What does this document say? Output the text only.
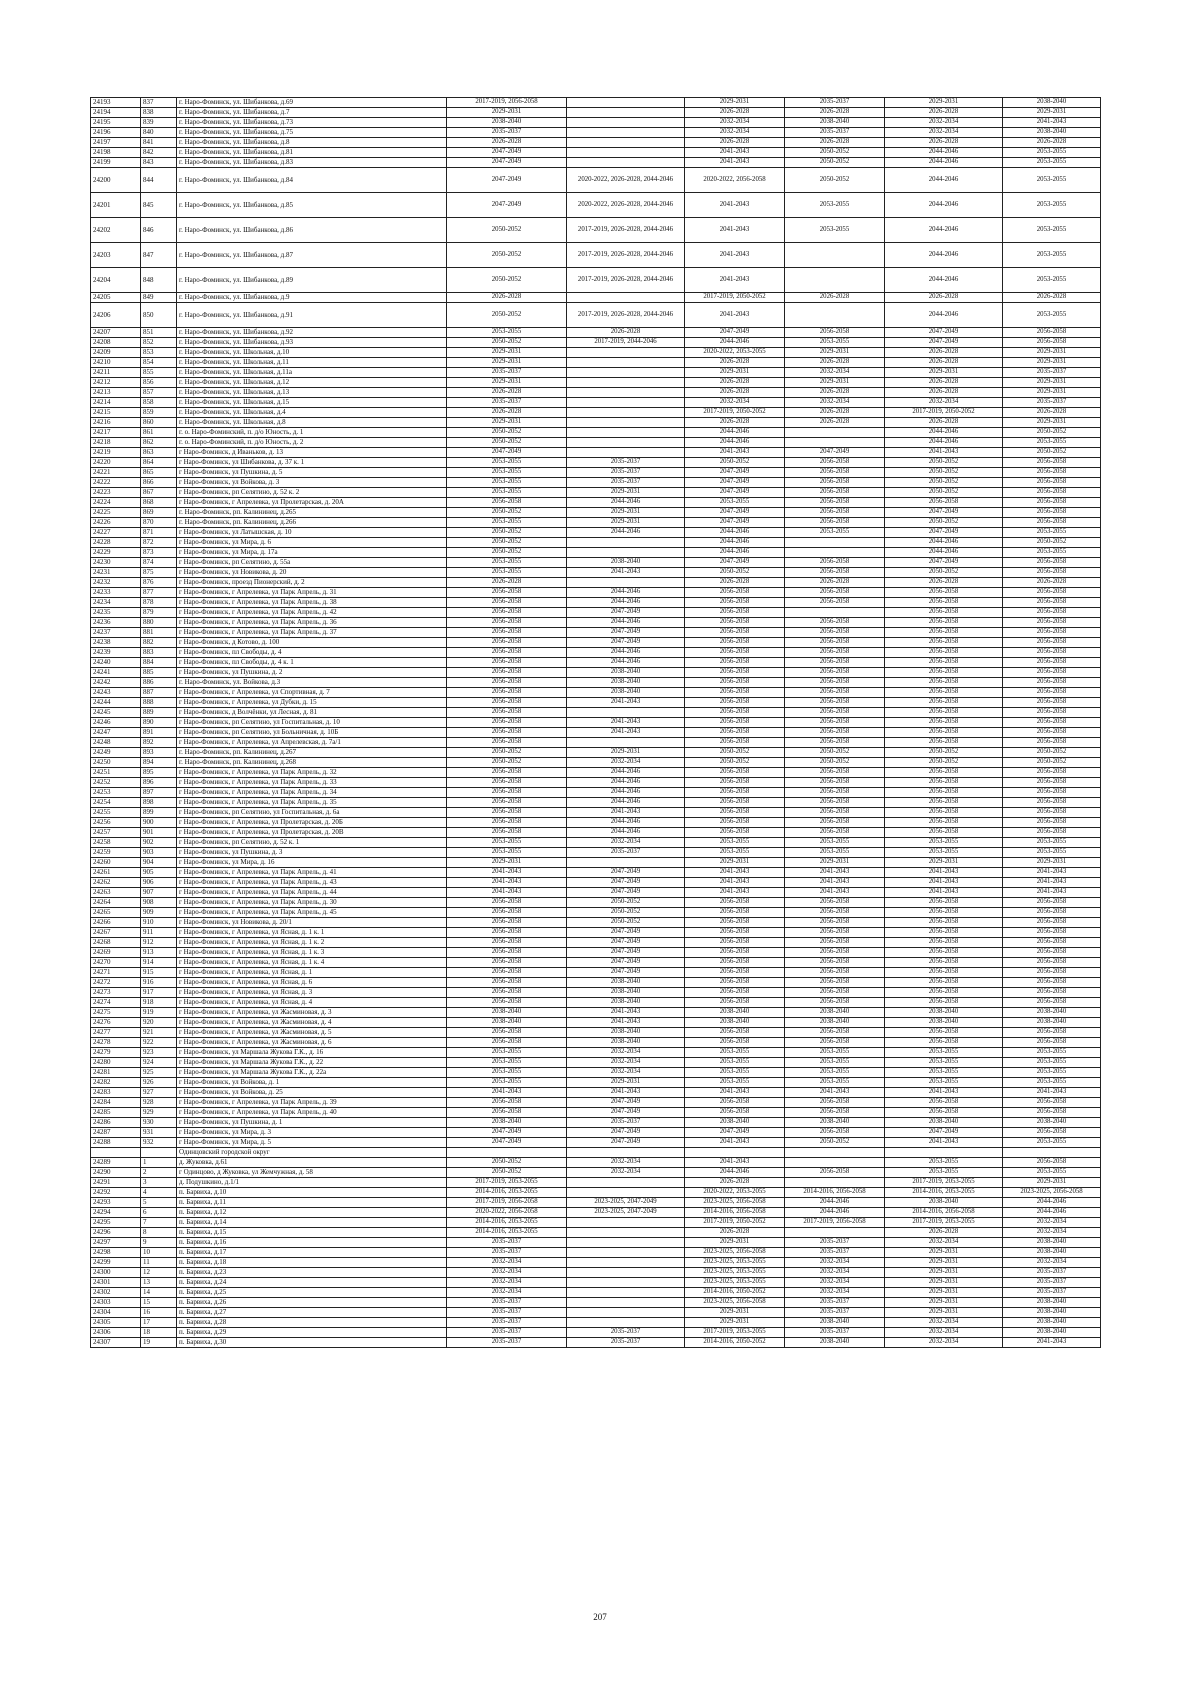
24193	837	г. Наро-Фоминск, ул. Шибанкова, д.69	2017-2019, 2056-2058		2029-2031	2035-2037	2029-2031	2038-2040
24194	838	г. Наро-Фоминск, ул. Шибанкова, д.7	2029-2031		2026-2028	2026-2028	2026-2028	2029-2031
24195	839	г. Наро-Фоминск, ул. Шибанкова, д.73	2038-2040		2032-2034	2038-2040	2032-2034	2041-2043
24196	840	г. Наро-Фоминск, ул. Шибанкова, д.75	2035-2037		2032-2034	2035-2037	2032-2034	2038-2040
24197	841	г. Наро-Фоминск, ул. Шибанкова, д.8	2026-2028		2026-2028	2026-2028	2026-2028	2026-2028
24198	842	г. Наро-Фоминск, ул. Шибанкова, д.81	2047-2049		2041-2043	2050-2052	2044-2046	2053-2055
24199	843	г. Наро-Фоминск, ул. Шибанкова, д.83	2047-2049		2041-2043	2050-2052	2044-2046	2053-2055
24200	844	г. Наро-Фоминск, ул. Шибанкова, д.84	2047-2049	2020-2022, 2026-2028, 2044-2046	2020-2022, 2056-2058	2050-2052	2044-2046	2053-2055
24201	845	г. Наро-Фоминск, ул. Шибанкова, д.85	2047-2049	2020-2022, 2026-2028, 2044-2046	2041-2043	2053-2055	2044-2046	2053-2055
24202	846	г. Наро-Фоминск, ул. Шибанкова, д.86	2050-2052	2017-2019, 2026-2028, 2044-2046	2041-2043	2053-2055	2044-2046	2053-2055
24203	847	г. Наро-Фоминск, ул. Шибанкова, д.87	2050-2052	2017-2019, 2026-2028, 2044-2046	2041-2043		2044-2046	2053-2055
24204	848	г. Наро-Фоминск, ул. Шибанкова, д.89	2050-2052	2017-2019, 2026-2028, 2044-2046	2041-2043		2044-2046	2053-2055
24205	849	г. Наро-Фоминск, ул. Шибанкова, д.9	2026-2028		2017-2019, 2050-2052	2026-2028	2026-2028	2026-2028
24206	850	г. Наро-Фоминск, ул. Шибанкова, д.91	2050-2052	2017-2019, 2026-2028, 2044-2046	2041-2043		2044-2046	2053-2055
24207	851	г. Наро-Фоминск, ул. Шибанкова, д.92	2053-2055	2026-2028	2047-2049	2056-2058	2047-2049	2056-2058
24208	852	г. Наро-Фоминск, ул. Шибанкова, д.93	2050-2052	2017-2019, 2044-2046	2044-2046	2053-2055	2047-2049	2056-2058
24209	853	г. Наро-Фоминск, ул. Школьная, д.10	2029-2031		2020-2022, 2053-2055	2029-2031	2026-2028	2029-2031
24210	854	г. Наро-Фоминск, ул. Школьная, д.11	2029-2031		2026-2028	2026-2028	2026-2028	2029-2031
24211	855	г. Наро-Фоминск, ул. Школьная, д.11а	2035-2037		2029-2031	2032-2034	2029-2031	2035-2037
24212	856	г. Наро-Фоминск, ул. Школьная, д.12	2029-2031		2026-2028	2029-2031	2026-2028	2029-2031
24213	857	г. Наро-Фоминск, ул. Школьная, д.13	2026-2028		2026-2028	2026-2028	2026-2028	2029-2031
24214	858	г. Наро-Фоминск, ул. Школьная, д.15	2035-2037		2032-2034	2032-2034	2032-2034	2035-2037
24215	859	г. Наро-Фоминск, ул. Школьная, д.4	2026-2028		2017-2019, 2050-2052	2026-2028	2017-2019, 2050-2052	2026-2028
24216	860	г. Наро-Фоминск, ул. Школьная, д.8	2029-2031		2026-2028	2026-2028	2026-2028	2029-2031
24217	861	г. о. Наро-Фоминский, п. д/о Юность, д. 1	2050-2052		2044-2046		2044-2046	2050-2052
24218	862	г. о. Наро-Фоминский, п. д/о Юность, д. 2	2050-2052		2044-2046		2044-2046	2053-2055
24219	863	г Наро-Фоминск, д Иваньков, д. 13	2047-2049		2041-2043	2047-2049	2041-2043	2050-2052
24220	864	г Наро-Фоминск, ул Шибанкова, д. 37 к. 1	2053-2055	2035-2037	2050-2052	2056-2058	2050-2052	2056-2058
24221	865	г Наро-Фоминск, ул Пушкина, д. 5	2053-2055	2035-2037	2047-2049	2056-2058	2050-2052	2056-2058
24222	866	г Наро-Фоминск, ул Войкова, д. 3	2053-2055	2035-2037	2047-2049	2056-2058	2050-2052	2056-2058
24223	867	г Наро-Фоминск, рп Селятино, д. 52 к. 2	2053-2055	2029-2031	2047-2049	2056-2058	2050-2052	2056-2058
24224	868	г Наро-Фоминск, г Апрелевка, ул Пролетарская, д. 20А	2056-2058	2044-2046	2053-2055	2056-2058	2056-2058	2056-2058
24225	869	г. Наро-Фоминск, рп. Калининец, д.265	2050-2052	2029-2031	2047-2049	2056-2058	2047-2049	2056-2058
24226	870	г. Наро-Фоминск, рп. Калининец, д.266	2053-2055	2029-2031	2047-2049	2056-2058	2050-2052	2056-2058
24227	871	г Наро-Фоминск, ул Латышская, д. 10	2050-2052	2044-2046	2044-2046	2053-2055	2047-2049	2053-2055
24228	872	г Наро-Фоминск, ул Мира, д. 6	2050-2052		2044-2046		2044-2046	2050-2052
24229	873	г Наро-Фоминск, ул Мира, д. 17а	2050-2052		2044-2046		2044-2046	2053-2055
24230	874	г Наро-Фоминск, рп Селятино, д. 55а	2053-2055	2038-2040	2047-2049	2056-2058	2047-2049	2056-2058
24231	875	г Наро-Фоминск, ул Новикова, д. 20	2053-2055	2041-2043	2050-2052	2056-2058	2050-2052	2056-2058
24232	876	г Наро-Фоминск, проезд Пионерский, д. 2	2026-2028		2026-2028	2026-2028	2026-2028	2026-2028
24233	877	г Наро-Фоминск, г Апрелевка, ул Парк Апрель, д. 31	2056-2058	2044-2046	2056-2058	2056-2058	2056-2058	2056-2058
24234	878	г Наро-Фоминск, г Апрелевка, ул Парк Апрель, д. 38	2056-2058	2044-2046	2056-2058	2056-2058	2056-2058	2056-2058
24235	879	г Наро-Фоминск, г Апрелевка, ул Парк Апрель, д. 42	2056-2058	2047-2049	2056-2058		2056-2058	2056-2058
24236	880	г Наро-Фоминск, г Апрелевка, ул Парк Апрель, д. 36	2056-2058	2044-2046	2056-2058	2056-2058	2056-2058	2056-2058
24237	881	г Наро-Фоминск, г Апрелевка, ул Парк Апрель, д. 37	2056-2058	2047-2049	2056-2058	2056-2058	2056-2058	2056-2058
24238	882	г Наро-Фоминск, д Котово, д. 100	2056-2058	2047-2049	2056-2058	2056-2058	2056-2058	2056-2058
24239	883	г Наро-Фоминск, пл Свободы, д. 4	2056-2058	2044-2046	2056-2058	2056-2058	2056-2058	2056-2058
24240	884	г Наро-Фоминск, пл Свободы, д. 4 к. 1	2056-2058	2044-2046	2056-2058	2056-2058	2056-2058	2056-2058
24241	885	г Наро-Фоминск, ул Пушкина, д. 2	2056-2058	2038-2040	2056-2058	2056-2058	2056-2058	2056-2058
24242	886	г. Наро-Фоминск, ул. Войкова, д.3	2056-2058	2038-2040	2056-2058	2056-2058	2056-2058	2056-2058
24243	887	г Наро-Фоминск, г Апрелевка, ул Спортивная, д. 7	2056-2058	2038-2040	2056-2058	2056-2058	2056-2058	2056-2058
24244	888	г Наро-Фоминск, г Апрелевка, ул Дубки, д. 15	2056-2058	2041-2043	2056-2058	2056-2058	2056-2058	2056-2058
24245	889	г Наро-Фоминск, д Волчёнки, ул Лесная, д. 81	2056-2058		2056-2058	2056-2058	2056-2058	2056-2058
24246	890	г Наро-Фоминск, рп Селятино, ул Госпитальная, д. 10	2056-2058	2041-2043	2056-2058	2056-2058	2056-2058	2056-2058
24247	891	г Наро-Фоминск, рп Селятино, ул Больничная, д. 10Б	2056-2058	2041-2043	2056-2058	2056-2058	2056-2058	2056-2058
24248	892	г Наро-Фоминск, г Апрелевка, ул Апрелевская, д. 7а/1	2056-2058		2056-2058	2056-2058	2056-2058	2056-2058
24249	893	г. Наро-Фоминск, рп. Калининец, д.267	2050-2052	2029-2031	2050-2052	2050-2052	2050-2052	2050-2052
24250	894	г. Наро-Фоминск, рп. Калининец, д.268	2050-2052	2032-2034	2050-2052	2050-2052	2050-2052	2050-2052
24251	895	г Наро-Фоминск, г Апрелевка, ул Парк Апрель, д. 32	2056-2058	2044-2046	2056-2058	2056-2058	2056-2058	2056-2058
24252	896	г Наро-Фоминск, г Апрелевка, ул Парк Апрель, д. 33	2056-2058	2044-2046	2056-2058	2056-2058	2056-2058	2056-2058
24253	897	г Наро-Фоминск, г Апрелевка, ул Парк Апрель, д. 34	2056-2058	2044-2046	2056-2058	2056-2058	2056-2058	2056-2058
24254	898	г Наро-Фоминск, г Апрелевка, ул Парк Апрель, д. 35	2056-2058	2044-2046	2056-2058	2056-2058	2056-2058	2056-2058
24255	899	г Наро-Фоминск, рп Селятино, ул Госпитальная, д. 6а	2056-2058	2041-2043	2056-2058	2056-2058	2056-2058	2056-2058
24256	900	г Наро-Фоминск, г Апрелевка, ул Пролетарская, д. 20Б	2056-2058	2044-2046	2056-2058	2056-2058	2056-2058	2056-2058
24257	901	г Наро-Фоминск, г Апрелевка, ул Пролетарская, д. 20В	2056-2058	2044-2046	2056-2058	2056-2058	2056-2058	2056-2058
24258	902	г Наро-Фоминск, рп Селятино, д. 52 к. 1	2053-2055	2032-2034	2053-2055	2053-2055	2053-2055	2053-2055
24259	903	г Наро-Фоминск, ул Пушкина, д. 3	2053-2055	2035-2037	2053-2055	2053-2055	2053-2055	2053-2055
24260	904	г Наро-Фоминск, ул Мира, д. 16	2029-2031		2029-2031	2029-2031	2029-2031	2029-2031
24261	905	г Наро-Фоминск, г Апрелевка, ул Парк Апрель, д. 41	2041-2043	2047-2049	2041-2043	2041-2043	2041-2043	2041-2043
24262	906	г Наро-Фоминск, г Апрелевка, ул Парк Апрель, д. 43	2041-2043	2047-2049	2041-2043	2041-2043	2041-2043	2041-2043
24263	907	г Наро-Фоминск, г Апрелевка, ул Парк Апрель, д. 44	2041-2043	2047-2049	2041-2043	2041-2043	2041-2043	2041-2043
24264	908	г Наро-Фоминск, г Апрелевка, ул Парк Апрель, д. 30	2056-2058	2050-2052	2056-2058	2056-2058	2056-2058	2056-2058
24265	909	г Наро-Фоминск, г Апрелевка, ул Парк Апрель, д. 45	2056-2058	2050-2052	2056-2058	2056-2058	2056-2058	2056-2058
24266	910	г Наро-Фоминск, ул Новикова, д. 20/1	2056-2058	2050-2052	2056-2058	2056-2058	2056-2058	2056-2058
24267	911	г Наро-Фоминск, г Апрелевка, ул Ясная, д. 1 к. 1	2056-2058	2047-2049	2056-2058	2056-2058	2056-2058	2056-2058
24268	912	г Наро-Фоминск, г Апрелевка, ул Ясная, д. 1 к. 2	2056-2058	2047-2049	2056-2058	2056-2058	2056-2058	2056-2058
24269	913	г Наро-Фоминск, г Апрелевка, ул Ясная, д. 1 к. 3	2056-2058	2047-2049	2056-2058	2056-2058	2056-2058	2056-2058
24270	914	г Наро-Фоминск, г Апрелевка, ул Ясная, д. 1 к. 4	2056-2058	2047-2049	2056-2058	2056-2058	2056-2058	2056-2058
24271	915	г Наро-Фоминск, г Апрелевка, ул Ясная, д. 1	2056-2058	2047-2049	2056-2058	2056-2058	2056-2058	2056-2058
24272	916	г Наро-Фоминск, г Апрелевка, ул Ясная, д. 6	2056-2058	2038-2040	2056-2058	2056-2058	2056-2058	2056-2058
24273	917	г Наро-Фоминск, г Апрелевка, ул Ясная, д. 3	2056-2058	2038-2040	2056-2058	2056-2058	2056-2058	2056-2058
24274	918	г Наро-Фоминск, г Апрелевка, ул Ясная, д. 4	2056-2058	2038-2040	2056-2058	2056-2058	2056-2058	2056-2058
24275	919	г Наро-Фоминск, г Апрелевка, ул Жасминовая, д. 3	2038-2040	2041-2043	2038-2040	2038-2040	2038-2040	2038-2040
24276	920	г Наро-Фоминск, г Апрелевка, ул Жасминовая, д. 4	2038-2040	2041-2043	2038-2040	2038-2040	2038-2040	2038-2040
24277	921	г Наро-Фоминск, г Апрелевка, ул Жасминовая, д. 5	2056-2058	2038-2040	2056-2058	2056-2058	2056-2058	2056-2058
24278	922	г Наро-Фоминск, г Апрелевка, ул Жасминовая, д. 6	2056-2058	2038-2040	2056-2058	2056-2058	2056-2058	2056-2058
24279	923	г Наро-Фоминск, ул Маршала Жукова Г.К., д. 16	2053-2055	2032-2034	2053-2055	2053-2055	2053-2055	2053-2055
24280	924	г Наро-Фоминск, ул Маршала Жукова Г.К., д. 22	2053-2055	2032-2034	2053-2055	2053-2055	2053-2055	2053-2055
24281	925	г Наро-Фоминск, ул Маршала Жукова Г.К., д. 22а	2053-2055	2032-2034	2053-2055	2053-2055	2053-2055	2053-2055
24282	926	г Наро-Фоминск, ул Войкова, д. 1	2053-2055	2029-2031	2053-2055	2053-2055	2053-2055	2053-2055
24283	927	г Наро-Фоминск, ул Войкова, д. 25	2041-2043	2041-2043	2041-2043	2041-2043	2041-2043	2041-2043
24284	928	г Наро-Фоминск, г Апрелевка, ул Парк Апрель, д. 39	2056-2058	2047-2049	2056-2058	2056-2058	2056-2058	2056-2058
24285	929	г Наро-Фоминск, г Апрелевка, ул Парк Апрель, д. 40	2056-2058	2047-2049	2056-2058	2056-2058	2056-2058	2056-2058
24286	930	г Наро-Фоминск, ул Пушкина, д. 1	2038-2040	2035-2037	2038-2040	2038-2040	2038-2040	2038-2040
24287	931	г Наро-Фоминск, ул Мира, д. 3	2047-2049	2047-2049	2047-2049	2056-2058	2047-2049	2056-2058
24288	932	г Наро-Фоминск, ул Мира, д. 5	2047-2049	2047-2049	2041-2043	2050-2052	2041-2043	2053-2055
		Одинцовский городской округ						
24289	1	д. Жуковка, д.61	2050-2052	2032-2034	2041-2043		2053-2055	2056-2058
24290	2	г Одинцово, д Жуковка, ул Жемчужная, д. 58	2050-2052	2032-2034	2044-2046	2056-2058	2053-2055	2053-2055
24291	3	д. Подушкино, д.1/1	2017-2019, 2053-2055		2026-2028		2017-2019, 2053-2055	2029-2031
24292	4	п. Барвиха, д.10	2014-2016, 2053-2055		2020-2022, 2053-2055	2014-2016, 2056-2058	2014-2016, 2053-2055	2023-2025, 2056-2058
24293	5	п. Барвиха, д.11	2017-2019, 2056-2058	2023-2025, 2047-2049	2023-2025, 2056-2058	2044-2046	2038-2040	2044-2046
24294	6	п. Барвиха, д.12	2020-2022, 2056-2058	2023-2025, 2047-2049	2014-2016, 2056-2058	2044-2046	2014-2016, 2056-2058	2044-2046
24295	7	п. Барвиха, д.14	2014-2016, 2053-2055		2017-2019, 2050-2052	2017-2019, 2056-2058	2017-2019, 2053-2055	2032-2034
24296	8	п. Барвиха, д.15	2014-2016, 2053-2055		2026-2028		2026-2028	2032-2034
24297	9	п. Барвиха, д.16	2035-2037		2029-2031	2035-2037	2032-2034	2038-2040
24298	10	п. Барвиха, д.17	2035-2037		2023-2025, 2056-2058	2035-2037	2029-2031	2038-2040
24299	11	п. Барвиха, д.18	2032-2034		2023-2025, 2053-2055	2032-2034	2029-2031	2032-2034
24300	12	п. Барвиха, д.23	2032-2034		2023-2025, 2053-2055	2032-2034	2029-2031	2035-2037
24301	13	п. Барвиха, д.24	2032-2034		2023-2025, 2053-2055	2032-2034	2029-2031	2035-2037
24302	14	п. Барвиха, д.25	2032-2034		2014-2016, 2050-2052	2032-2034	2029-2031	2035-2037
24303	15	п. Барвиха, д.26	2035-2037		2023-2025, 2056-2058	2035-2037	2029-2031	2038-2040
24304	16	п. Барвиха, д.27	2035-2037		2029-2031	2035-2037	2029-2031	2038-2040
24305	17	п. Барвиха, д.28	2035-2037		2029-2031	2038-2040	2032-2034	2038-2040
24306	18	п. Барвиха, д.29	2035-2037	2035-2037	2017-2019, 2053-2055	2035-2037	2032-2034	2038-2040
24307	19	п. Барвиха, д.30	2035-2037	2035-2037	2014-2016, 2050-2052	2038-2040	2032-2034	2041-2043
207
